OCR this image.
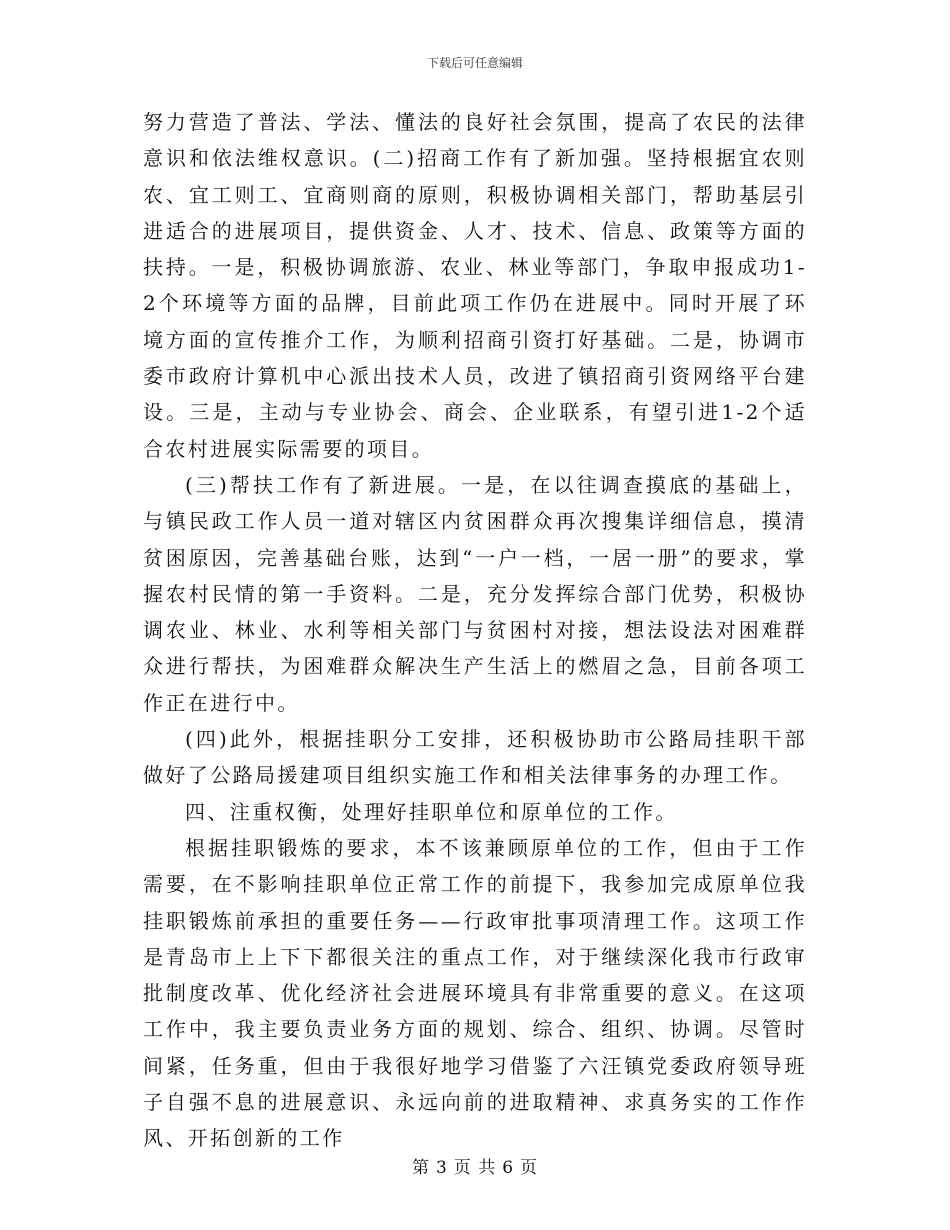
下载后可任意编辑

努力营造了普法、学法、懂法的良好社会氛围，提高了农民的法律意识和依法维权意识。(二)招商工作有了新加强。坚持根据宜农则农、宜工则工、宜商则商的原则，积极协调相关部门，帮助基层引进适合的进展项目，提供资金、人才、技术、信息、政策等方面的扶持。一是，积极协调旅游、农业、林业等部门，争取申报成功1-2个环境等方面的品牌，目前此项工作仍在进展中。同时开展了环境方面的宣传推介工作，为顺利招商引资打好基础。二是，协调市委市政府计算机中心派出技术人员，改进了镇招商引资网络平台建设。三是，主动与专业协会、商会、企业联系，有望引进1-2个适合农村进展实际需要的项目。

(三)帮扶工作有了新进展。一是，在以往调查摸底的基础上，与镇民政工作人员一道对辖区内贫困群众再次搜集详细信息，摸清贫困原因，完善基础台账，达到“一户一档，一居一册”的要求，掌握农村民情的第一手资料。二是，充分发挥综合部门优势，积极协调农业、林业、水利等相关部门与贫困村对接，想法设法对困难群众进行帮扶，为困难群众解决生产生活上的燃眉之急，目前各项工作正在进行中。

(四)此外，根据挂职分工安排，还积极协助市公路局挂职干部做好了公路局援建项目组织实施工作和相关法律事务的办理工作。

四、注重权衡，处理好挂职单位和原单位的工作。

根据挂职锻炼的要求，本不该兼顾原单位的工作，但由于工作需要，在不影响挂职单位正常工作的前提下，我参加完成原单位我挂职锻炼前承担的重要任务——行政审批事项清理工作。这项工作是青岛市上上下下都很关注的重点工作，对于继续深化我市行政审批制度改革、优化经济社会进展环境具有非常重要的意义。在这项工作中，我主要负责业务方面的规划、综合、组织、协调。尽管时间紧，任务重，但由于我很好地学习借鉴了六汪镇党委政府领导班子自强不息的进展意识、永远向前的进取精神、求真务实的工作作风、开拓创新的工作

第 3 页 共 6 页
